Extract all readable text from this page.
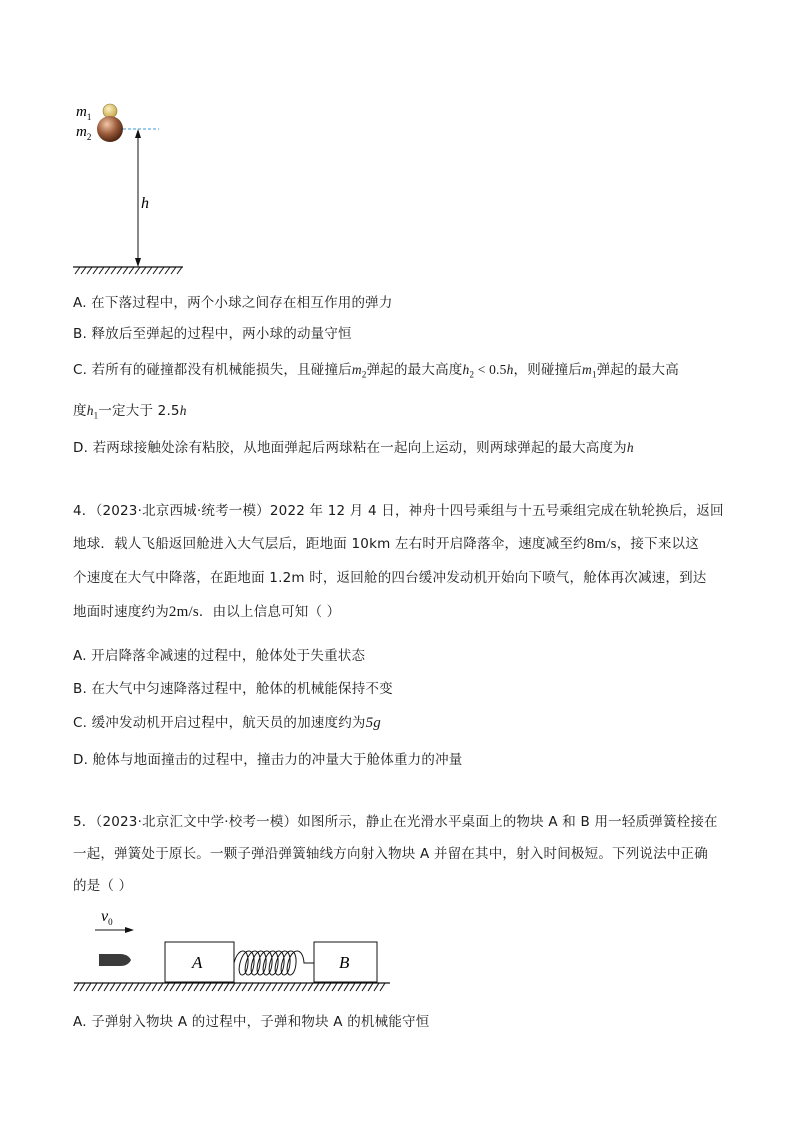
$m_1$
$m_2$
h
A. 在下落过程中，两个小球之间存在相互作用的弹力
B. 释放后至弹起的过程中，两小球的动量守恒
C. 若所有的碰撞都没有机械能损失，且碰撞后$m_2$弹起的最大高度$h_2 < 0.5h$，则碰撞后$m_1$弹起的最大高
度$h_1$一定大于 2.5h
D. 若两球接触处涂有粘胶，从地面弹起后两球粘在一起向上运动，则两球弹起的最大高度为h
4．（2023·北京西城·统考一模）2022 年 12 月 4 日，神舟十四号乘组与十五号乘组完成在轨轮换后，返回
地球．载人飞船返回舱进入大气层后，距地面 10km 左右时开启降落伞，速度减至约8m/s，接下来以这
个速度在大气中降落，在距地面 1.2m 时，返回舱的四台缓冲发动机开始向下喷气，舱体再次减速，到达
地面时速度约为2m/s．由以上信息可知（ ）
A. 开启降落伞减速的过程中，舱体处于失重状态
B. 在大气中匀速降落过程中，舱体的机械能保持不变
C. 缓冲发动机开启过程中，航天员的加速度约为5g
D. 舱体与地面撞击的过程中，撞击力的冲量大于舱体重力的冲量
5．（2023·北京汇文中学·校考一模）如图所示，静止在光滑水平桌面上的物块 A 和 B 用一轻质弹簧栓接在
一起，弹簧处于原长。一颗子弹沿弹簧轴线方向射入物块 A 并留在其中，射入时间极短。下列说法中正确
的是（ ）
$v_0$
A	B
A. 子弹射入物块 A 的过程中，子弹和物块 A 的机械能守恒
